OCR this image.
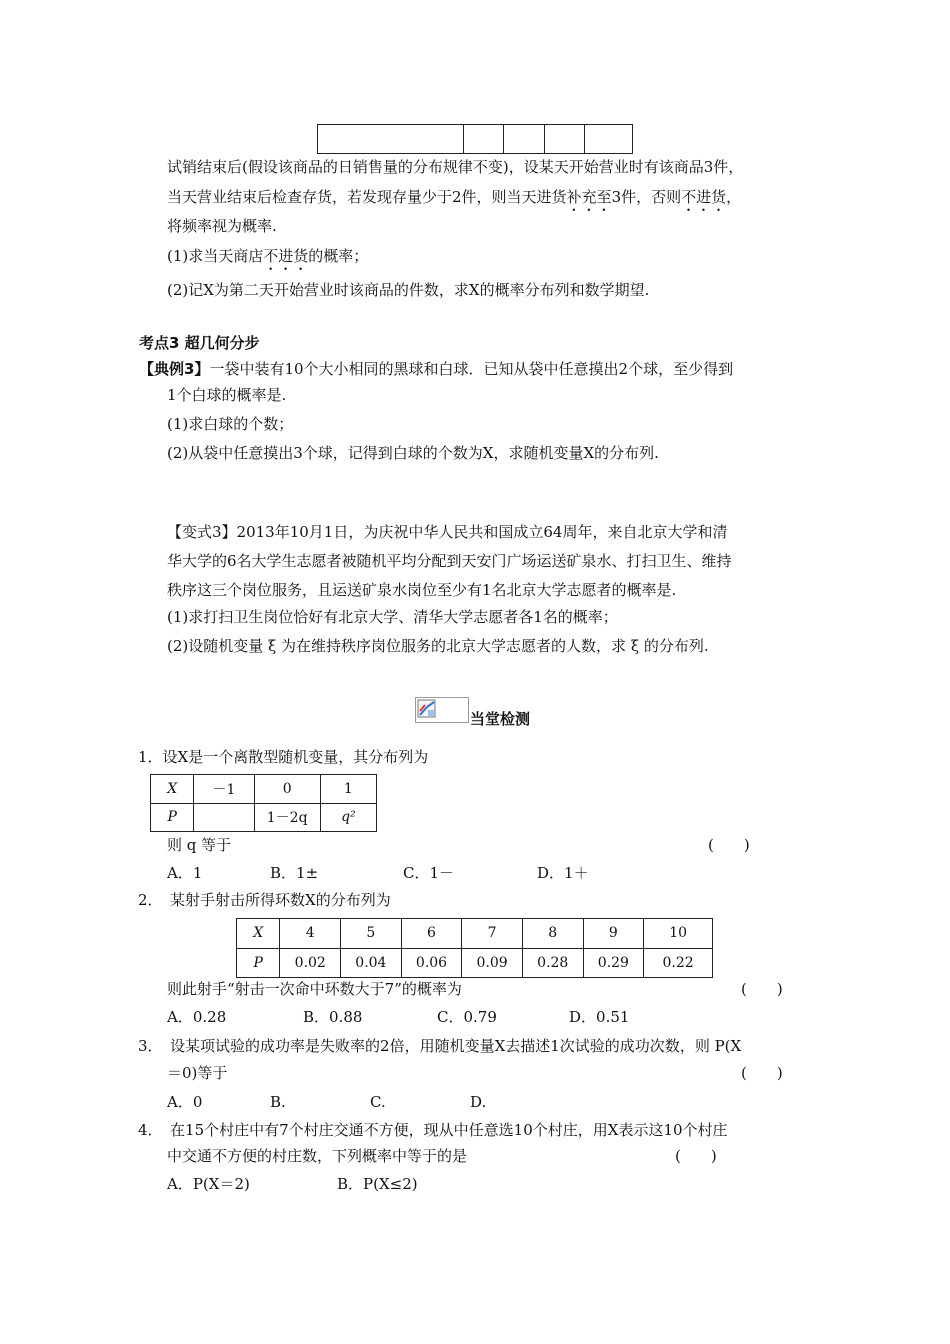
试销结束后(假设该商品的日销售量的分布规律不变)，设某天开始营业时有该商品3件，
当天营业结束后检查存货，若发现存量少于2件，则当天进货补充至3件，否则不进货，
将频率视为概率.
(1)求当天商店不进货的概率；
(2)记X为第二天开始营业时该商品的件数，求X的概率分布列和数学期望.
考点3 超几何分步
【典例3】一袋中装有10个大小相同的黑球和白球．已知从袋中任意摸出2个球，至少得到
1个白球的概率是.
(1)求白球的个数；
(2)从袋中任意摸出3个球，记得到白球的个数为X，求随机变量X的分布列.
【变式3】2013年10月1日，为庆祝中华人民共和国成立64周年，来自北京大学和清
华大学的6名大学生志愿者被随机平均分配到天安门广场运送矿泉水、打扫卫生、维持
秩序这三个岗位服务，且运送矿泉水岗位至少有1名北京大学志愿者的概率是.
(1)求打扫卫生岗位恰好有北京大学、清华大学志愿者各1名的概率；
(2)设随机变量 ξ 为在维持秩序岗位服务的北京大学志愿者的人数，求 ξ 的分布列.
当堂检测
1．设X是一个离散型随机变量，其分布列为
X	－1	0	1
P		1－2q	q²
则 q 等于	(　　)
A．1	B．1±	C．1－	D．1＋
2．　某射手射击所得环数X的分布列为
X	4	5	6	7	8	9	10
P	0.02	0.04	0.06	0.09	0.28	0.29	0.22
则此射手“射击一次命中环数大于7”的概率为	(　　)
A．0.28	B．0.88	C．0.79	D．0.51
3．　设某项试验的成功率是失败率的2倍，用随机变量X去描述1次试验的成功次数，则 P(X
＝0)等于	(　　)
A．0	B.	C.	D.
4．　在15个村庄中有7个村庄交通不方便，现从中任意选10个村庄，用X表示这10个村庄
中交通不方便的村庄数，下列概率中等于的是	(　　)
A．P(X＝2)	B．P(X≤2)
